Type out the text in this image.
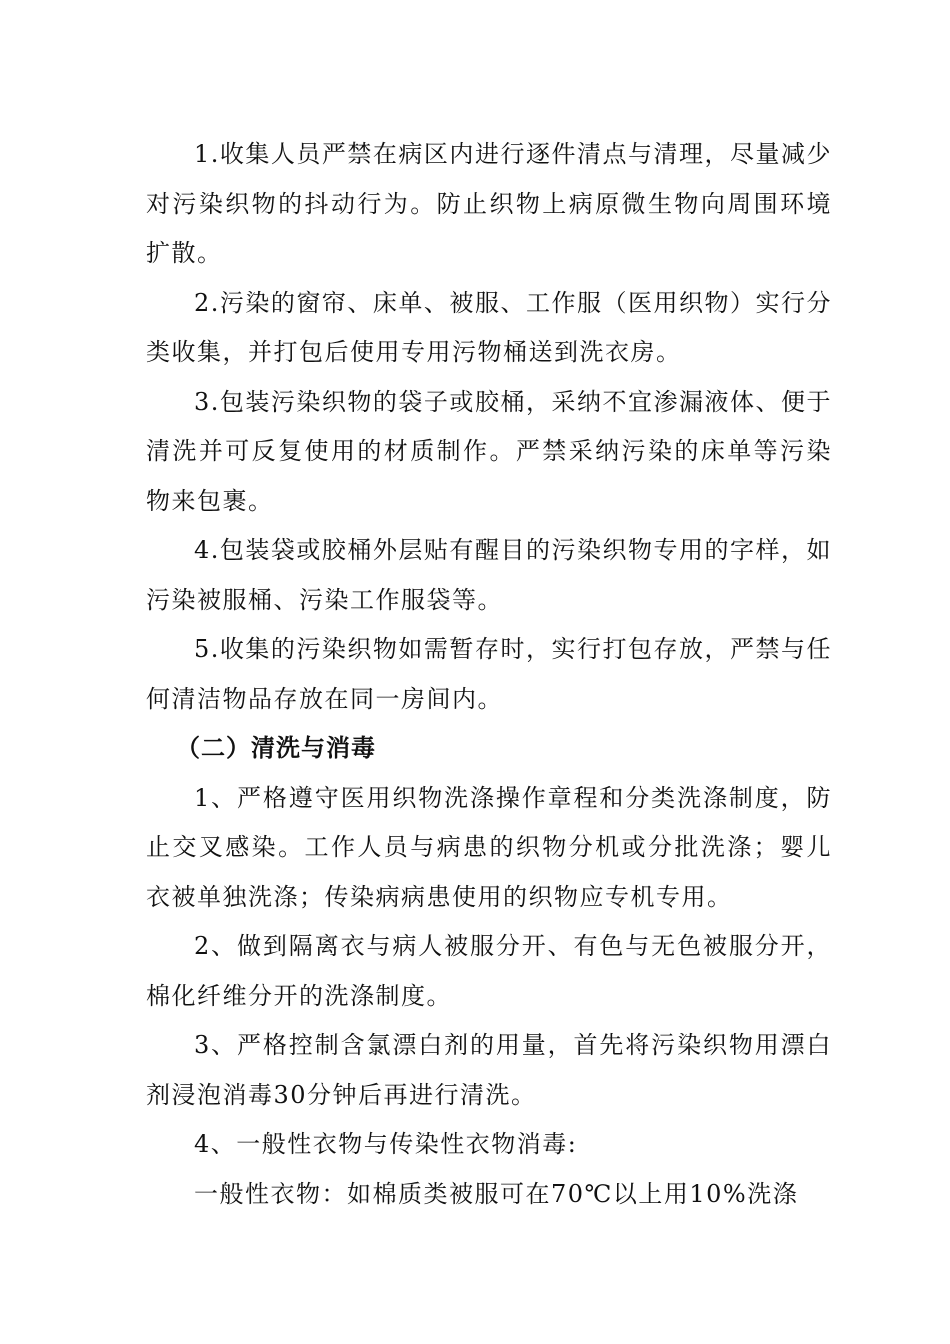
1.收集人员严禁在病区内进行逐件清点与清理，尽量减少对污染织物的抖动行为。防止织物上病原微生物向周围环境扩散。

2.污染的窗帘、床单、被服、工作服（医用织物）实行分类收集，并打包后使用专用污物桶送到洗衣房。

3.包装污染织物的袋子或胶桶，采纳不宜渗漏液体、便于清洗并可反复使用的材质制作。严禁采纳污染的床单等污染物来包裹。

4.包装袋或胶桶外层贴有醒目的污染织物专用的字样，如污染被服桶、污染工作服袋等。

5.收集的污染织物如需暂存时，实行打包存放，严禁与任何清洁物品存放在同一房间内。

（二）清洗与消毒

1、严格遵守医用织物洗涤操作章程和分类洗涤制度，防止交叉感染。工作人员与病患的织物分机或分批洗涤；婴儿衣被单独洗涤；传染病病患使用的织物应专机专用。

2、做到隔离衣与病人被服分开、有色与无色被服分开，棉化纤维分开的洗涤制度。

3、严格控制含氯漂白剂的用量，首先将污染织物用漂白剂浸泡消毒30分钟后再进行清洗。

4、一般性衣物与传染性衣物消毒:

一般性衣物：如棉质类被服可在70℃以上用10%洗涤
